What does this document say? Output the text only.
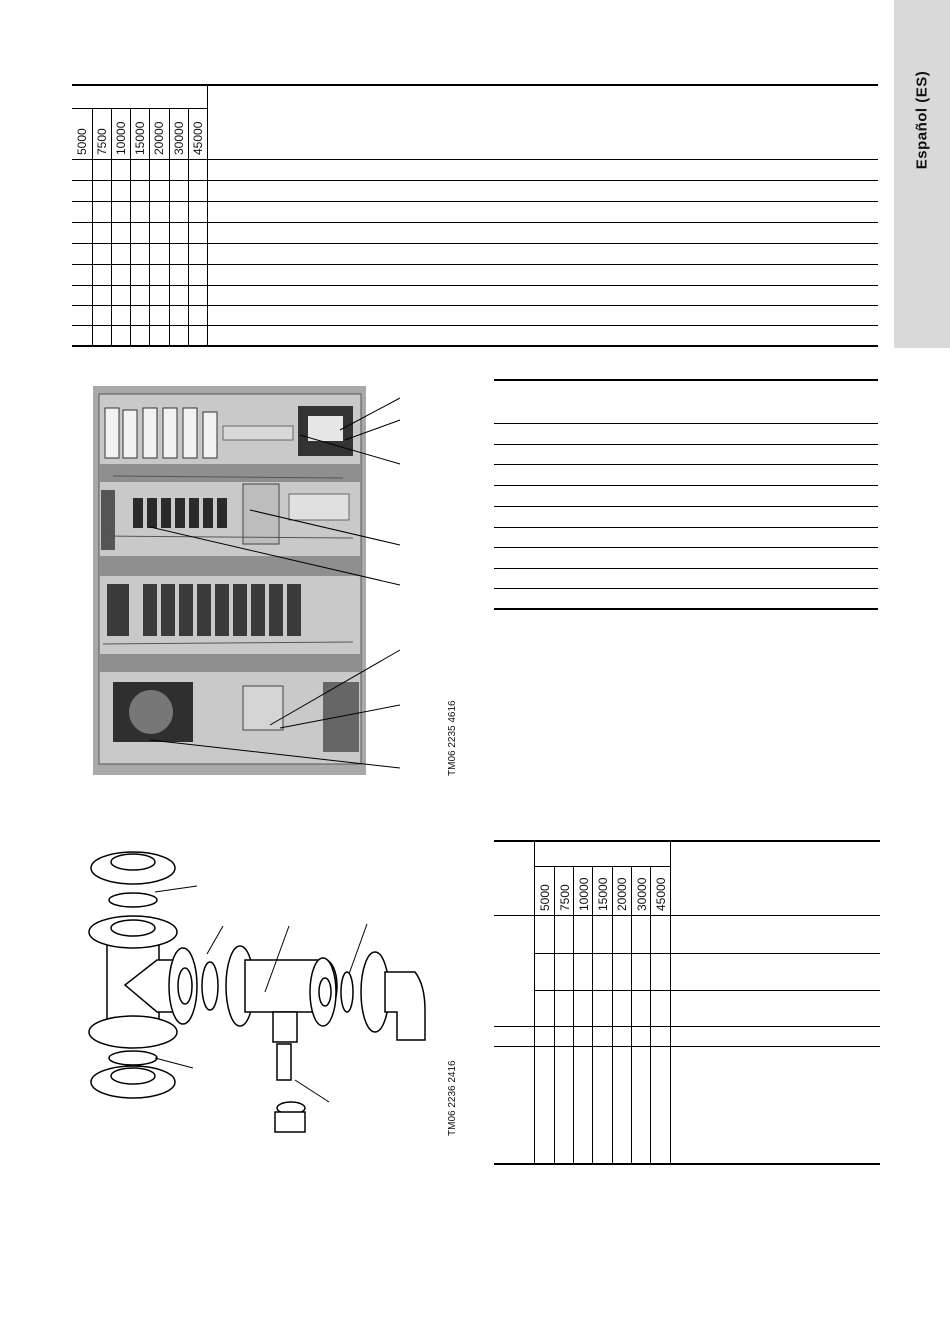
Español (ES)
5000 7500 10000 15000 20000 30000 45000
TM06 2235 4616
TM06 2236 2416
5000 7500 10000 15000 20000 30000 45000
